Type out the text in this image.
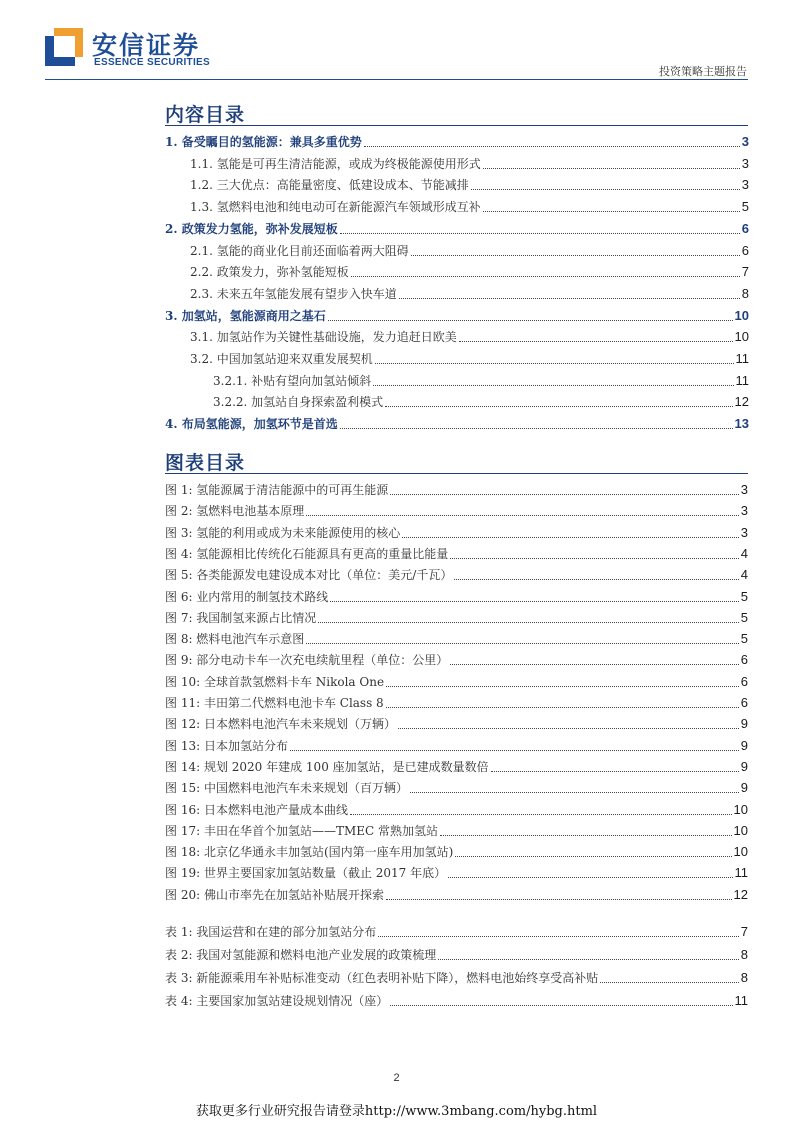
安信证券
ESSENCE SECURITIES
投资策略主题报告
内容目录
1. 备受瞩目的氢能源：兼具多重优势	3
1.1. 氢能是可再生清洁能源，或成为终极能源使用形式	3
1.2. 三大优点：高能量密度、低建设成本、节能减排	3
1.3. 氢燃料电池和纯电动可在新能源汽车领域形成互补	5
2. 政策发力氢能，弥补发展短板	6
2.1. 氢能的商业化目前还面临着两大阻碍	6
2.2. 政策发力，弥补氢能短板	7
2.3. 未来五年氢能发展有望步入快车道	8
3. 加氢站，氢能源商用之基石	10
3.1. 加氢站作为关键性基础设施，发力追赶日欧美	10
3.2. 中国加氢站迎来双重发展契机	11
3.2.1. 补贴有望向加氢站倾斜	11
3.2.2. 加氢站自身探索盈利模式	12
4. 布局氢能源，加氢环节是首选	13
图表目录
图 1: 氢能源属于清洁能源中的可再生能源	3
图 2: 氢燃料电池基本原理	3
图 3: 氢能的利用或成为未来能源使用的核心	3
图 4: 氢能源相比传统化石能源具有更高的重量比能量	4
图 5: 各类能源发电建设成本对比（单位：美元/千瓦）	4
图 6: 业内常用的制氢技术路线	5
图 7: 我国制氢来源占比情况	5
图 8: 燃料电池汽车示意图	5
图 9: 部分电动卡车一次充电续航里程（单位：公里）	6
图 10: 全球首款氢燃料卡车 Nikola One	6
图 11: 丰田第二代燃料电池卡车 Class 8	6
图 12: 日本燃料电池汽车未来规划（万辆）	9
图 13: 日本加氢站分布	9
图 14: 规划 2020 年建成 100 座加氢站，是已建成数量数倍	9
图 15: 中国燃料电池汽车未来规划（百万辆）	9
图 16: 日本燃料电池产量成本曲线	10
图 17: 丰田在华首个加氢站——TMEC 常熟加氢站	10
图 18: 北京亿华通永丰加氢站(国内第一座车用加氢站)	10
图 19: 世界主要国家加氢站数量（截止 2017 年底）	11
图 20: 佛山市率先在加氢站补贴展开探索	12
表 1: 我国运营和在建的部分加氢站分布	7
表 2: 我国对氢能源和燃料电池产业发展的政策梳理	8
表 3: 新能源乘用车补贴标准变动（红色表明补贴下降），燃料电池始终享受高补贴	8
表 4: 主要国家加氢站建设规划情况（座）	11
2
获取更多行业研究报告请登录http://www.3mbang.com/hybg.html
